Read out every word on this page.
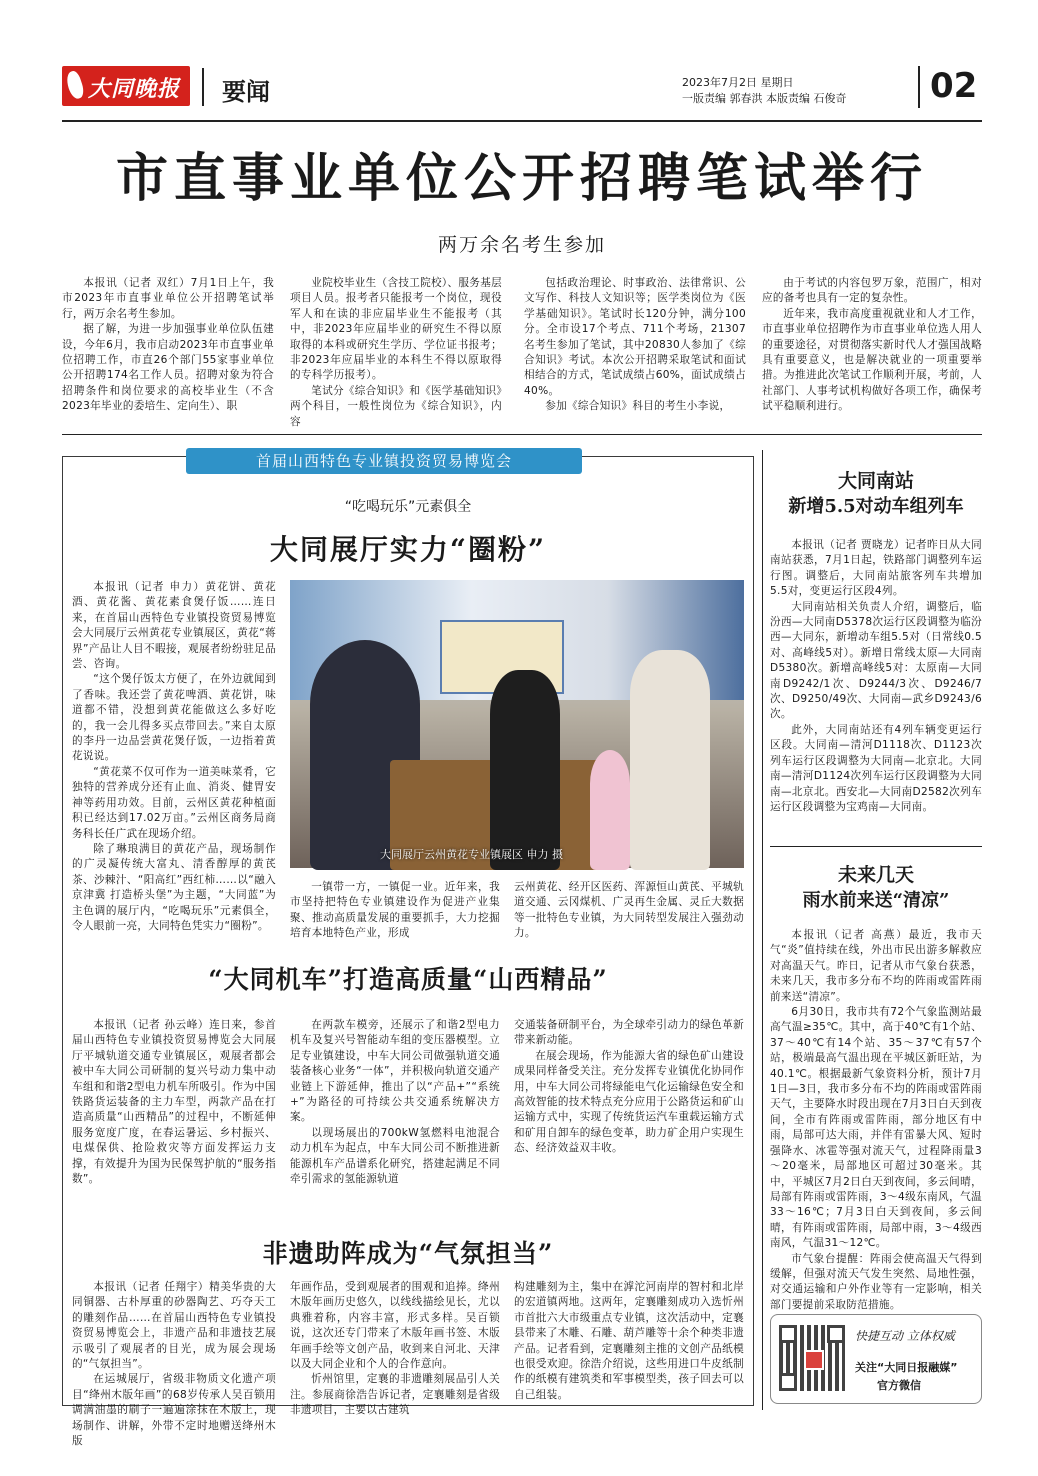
大同晚报 要闻	2023年7月2日 星期日
一版责编 郭春洪 本版责编 石俊奇 02
市直事业单位公开招聘笔试举行
两万余名考生参加

本报讯（记者 双红）7月1日上午，我市2023年市直事业单位公开招聘笔试举行，两万余名考生参加。

据了解，为进一步加强事业单位队伍建设，今年6月，我市启动2023年市直事业单位招聘工作，市直26个部门55家事业单位公开招聘174名工作人员。招聘对象为符合招聘条件和岗位要求的高校毕业生（不含2023年毕业的委培生、定向生）、职

业院校毕业生（含技工院校）、服务基层项目人员。报考者只能报考一个岗位，现役军人和在读的非应届毕业生不能报考（其中，非2023年应届毕业的研究生不得以原取得的本科或研究生学历、学位证书报考；非2023年应届毕业的本科生不得以原取得的专科学历报考）。

笔试分《综合知识》和《医学基础知识》两个科目，一般性岗位为《综合知识》，内容

包括政治理论、时事政治、法律常识、公文写作、科技人文知识等；医学类岗位为《医学基础知识》。笔试时长120分钟，满分100分。全市设17个考点、711个考场，21307名考生参加了笔试，其中20830人参加了《综合知识》考试。本次公开招聘采取笔试和面试相结合的方式，笔试成绩占60%，面试成绩占40%。

参加《综合知识》科目的考生小李说，

由于考试的内容包罗万象，范围广，相对应的备考也具有一定的复杂性。

近年来，我市高度重视就业和人才工作，市直事业单位招聘作为市直事业单位选人用人的重要途径，对贯彻落实新时代人才强国战略具有重要意义，也是解决就业的一项重要举措。为推进此次笔试工作顺利开展，考前，人社部门、人事考试机构做好各项工作，确保考试平稳顺利进行。

首届山西特色专业镇投资贸易博览会
“吃喝玩乐”元素俱全
大同展厅实力“圈粉”

本报讯（记者 申力）黄花饼、黄花酒、黄花酱、黄花素食煲仔饭……连日来，在首届山西特色专业镇投资贸易博览会大同展厅云州黄花专业镇展区，黄花“蒋界”产品让人目不暇接，观展者纷纷驻足品尝、咨询。

“这个煲仔饭太方便了，在外边就闻到了香味。我还尝了黄花啤酒、黄花饼，味道都不错，没想到黄花能做这么多好吃的，我一会儿得多买点带回去。”来自太原的李丹一边品尝黄花煲仔饭，一边指着黄花说说。

“黄花菜不仅可作为一道美味菜肴，它独特的营养成分还有止血、消炎、健胃安神等药用功效。目前，云州区黄花种植面积已经达到17.02万亩。”云州区商务局商务科长任广武在现场介绍。

除了琳琅满目的黄花产品，现场制作的广灵凝传统大富丸、清香醇厚的黄芪茶、沙棘汁、“阳高红”西红柿……以“融入京津冀 打造桥头堡”为主题，“大同蓝”为主色调的展厅内，“吃喝玩乐”元素俱全，令人眼前一亮，大同特色凭实力“圈粉”。

大同展厅云州黄花专业镇展区 申力 摄

一镇带一方，一镇促一业。近年来，我市坚持把特色专业镇建设作为促进产业集聚、推动高质量发展的重要抓手，大力挖掘培育本地特色产业，形成

云州黄花、经开区医药、浑源恒山黄芪、平城轨道交通、云冈煤机、广灵再生金属、灵丘大数据等一批特色专业镇，为大同转型发展注入强劲动力。

“大同机车”打造高质量“山西精品”

本报讯（记者 孙云峰）连日来，参首届山西特色专业镇投资贸易博览会大同展厅平城轨道交通专业镇展区，观展者都会被中车大同公司研制的复兴号动力集中动车组和和谐2型电力机车所吸引。作为中国铁路货运装备的主力车型，两款产品在打造高质量“山西精品”的过程中，不断延伸服务宽度广度，在春运暑运、乡村振兴、电煤保供、抢险救灾等方面发挥运力支撑，有效提升为国为民保驾护航的“服务指数”。

在两款车模旁，还展示了和谐2型电力机车及复兴号智能动车组的变压器模型。立足专业镇建设，中车大同公司做强轨道交通装备核心业务“一体”，并积极向轨道交通产业链上下游延伸，推出了以“产品+”“系统+”为路径的可持续公共交通系统解决方案。

以现场展出的700kW氢燃料电池混合动力机车为起点，中车大同公司不断推进新能源机车产品谱系化研究，搭建起满足不同牵引需求的氢能源轨道

交通装备研制平台，为全球牵引动力的绿色革新带来新动能。

在展会现场，作为能源大省的绿色矿山建设成果同样备受关注。充分发挥专业镇优化协同作用，中车大同公司将绿能电气化运输绿色安全和高效智能的技术特点充分应用于公路货运和矿山运输方式中，实现了传统货运汽车重载运输方式和矿用自卸车的绿色变革，助力矿企用户实现生态、经济效益双丰收。

非遗助阵成为“气氛担当”

本报讯（记者 任翔宇）精美华贵的大同铜器、古朴厚重的砂器陶艺、巧夺天工的雕刻作品……在首届山西特色专业镇投资贸易博览会上，非遗产品和非遗技艺展示吸引了观展者的目光，成为展会现场的“气氛担当”。

在运城展厅，省级非物质文化遗产项目“绛州木版年画”的68岁传承人吴百锁用调满油墨的刷子一遍遍涂抹在木版上，现场制作、讲解，外带不定时地赠送绛州木版

年画作品，受到观展者的围观和追捧。绛州木版年画历史悠久，以线线描绘见长，尤以典雅着称，内容丰富，形式多样。吴百锁说，这次还专门带来了木版年画书签、木版年画手绘等文创产品，收到来自河北、天津以及大同企业和个人的合作意向。

忻州馆里，定襄的非遗雕刻展品引人关注。参展商徐浩告诉记者，定襄雕刻是省级非遗项目，主要以古建筑

构建雕刻为主，集中在滹沱河南岸的智村和北岸的宏道镇两地。这两年，定襄雕刻成功入选忻州市首批六大市级重点专业镇，这次活动中，定襄县带来了木雕、石雕、葫芦雕等十余个种类非遗产品。记者看到，定襄雕刻主推的文创产品纸模也很受欢迎。徐浩介绍说，这些用进口牛皮纸制作的纸模有建筑类和军事模型类，孩子回去可以自己组装。

大同南站
新增5.5对动车组列车

本报讯（记者 贾晓龙）记者昨日从大同南站获悉，7月1日起，铁路部门调整列车运行图。调整后，大同南站旅客列车共增加5.5对，变更运行区段4列。

大同南站相关负责人介绍，调整后，临汾西—大同南D5378次运行区段调整为临汾西—大同东，新增动车组5.5对（日常线0.5对、高峰线5对）。新增日常线太原—大同南D5380次。新增高峰线5对：太原南—大同南D9242/1次、D9244/3次、D9246/7次、D9250/49次、大同南—武乡D9243/6次。

此外，大同南站还有4列车辆变更运行区段。大同南—清河D1118次、D1123次列车运行区段调整为大同南—北京北。大同南—清河D1124次列车运行区段调整为大同南—北京北。西安北—大同南D2582次列车运行区段调整为宝鸡南—大同南。

未来几天
雨水前来送“清凉”

本报讯（记者 高燕）最近，我市天气“炎”值持续在线，外出市民出游多解救应对高温天气。昨日，记者从市气象台获悉，未来几天，我市多分布不均的阵雨或雷阵雨前来送“清凉”。

6月30日，我市共有72个气象监测站最高气温≥35℃。其中，高于40℃有1个站、37～40℃有14个站、35～37℃有57个站，极端最高气温出现在平城区新旺站，为40.1℃。根据最新气象资料分析，预计7月1日—3日，我市多分布不均的阵雨或雷阵雨天气，主要降水时段出现在7月3日白天到夜间，全市有阵雨或雷阵雨，部分地区有中雨，局部可达大雨，并伴有雷暴大风、短时强降水、冰雹等强对流天气，过程降雨量3～20毫米，局部地区可超过30毫米。其中，平城区7月2日白天到夜间，多云间晴，局部有阵雨或雷阵雨，3～4级东南风，气温33～16℃；7月3日白天到夜间，多云间晴，有阵雨或雷阵雨，局部中雨，3～4级西南风，气温31～12℃。

市气象台提醒：阵雨会使高温天气得到缓解，但强对流天气发生突然、局地性强，对交通运输和户外作业等有一定影响，相关部门要提前采取防范措施。

快捷互动 立体权威
关注“大同日报融媒”
官方微信
